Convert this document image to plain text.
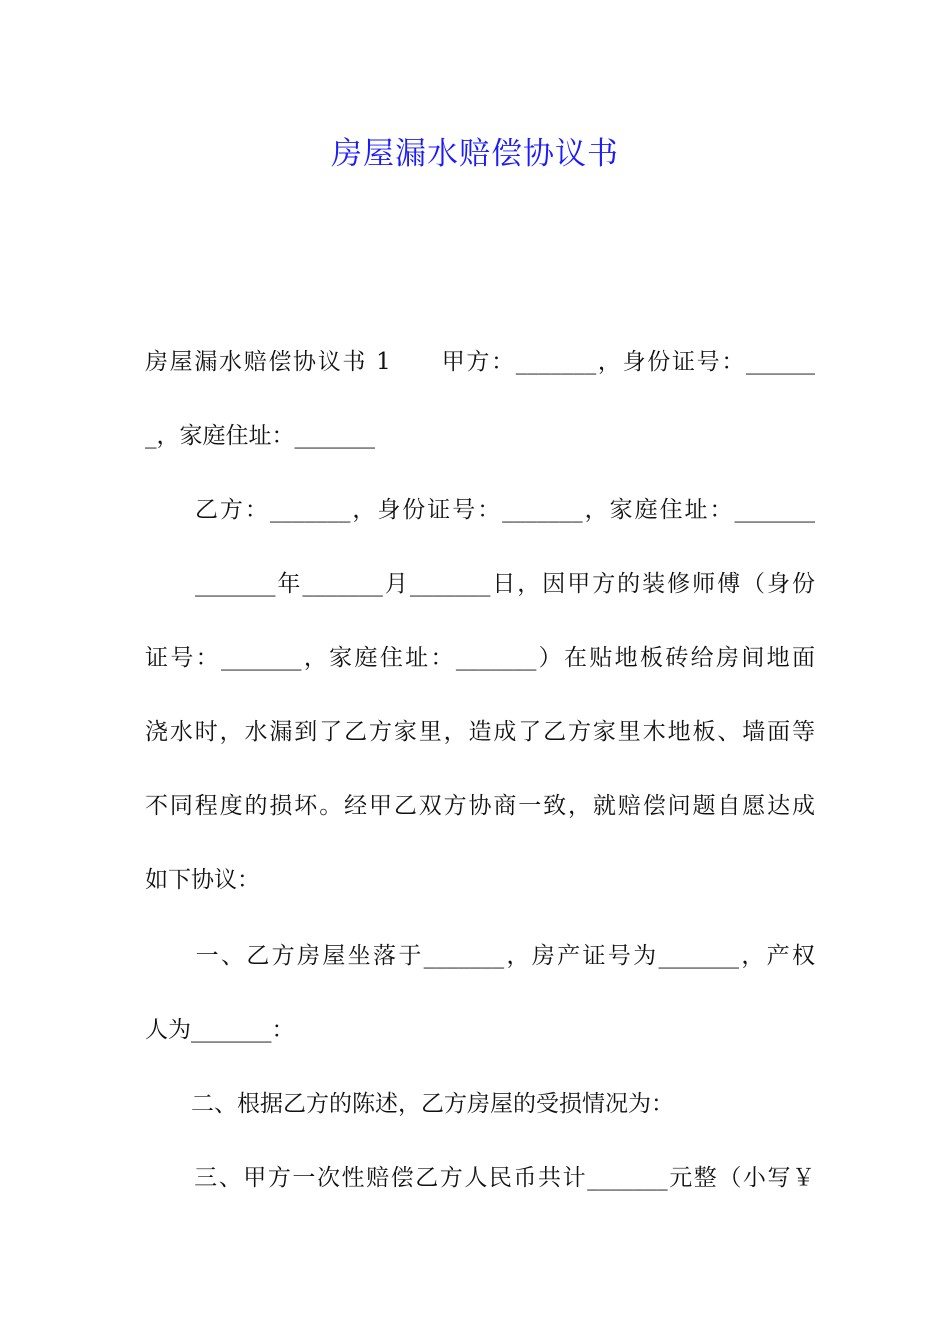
房屋漏水赔偿协议书

房屋漏水赔偿协议书 1　　甲方：_______，身份证号：______

_，家庭住址：_______

　　乙方：_______，身份证号：_______，家庭住址：_______

　　_______年_______月_______日，因甲方的装修师傅（身份

证号：_______，家庭住址：_______）在贴地板砖给房间地面

浇水时，水漏到了乙方家里，造成了乙方家里木地板、墙面等

不同程度的损坏。经甲乙双方协商一致，就赔偿问题自愿达成

如下协议：

　　一、乙方房屋坐落于_______，房产证号为_______，产权

人为_______：

　　二、根据乙方的陈述，乙方房屋的受损情况为：

　　三、甲方一次性赔偿乙方人民币共计_______元整（小写￥
